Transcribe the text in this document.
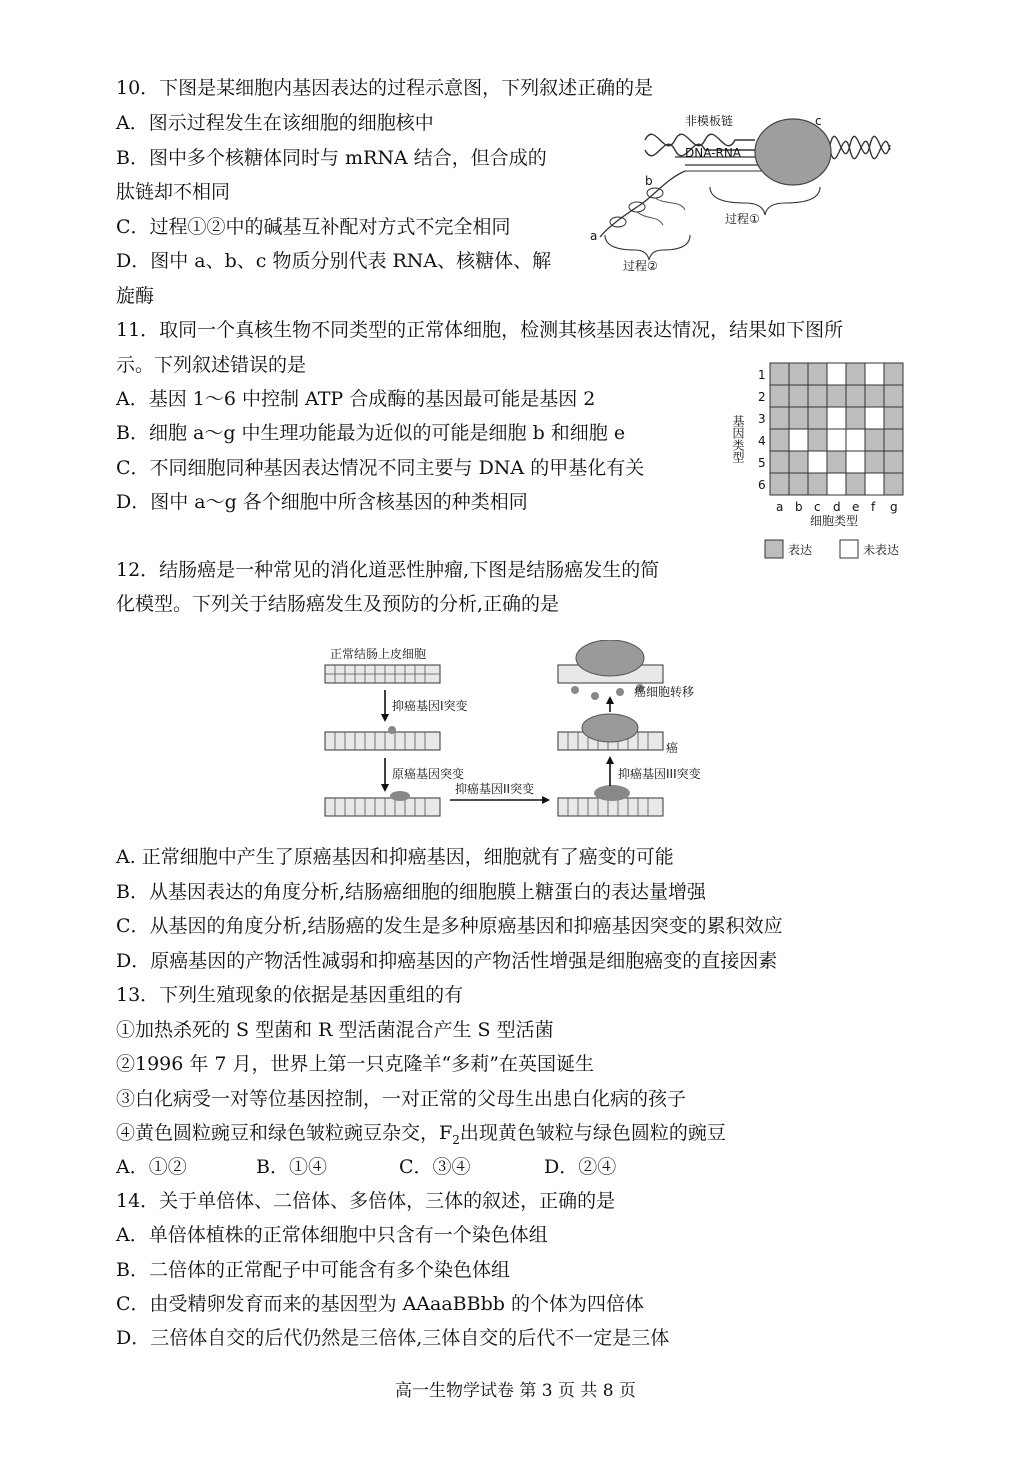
10．下图是某细胞内基因表达的过程示意图，下列叙述正确的是
A．图示过程发生在该细胞的细胞核中
B．图中多个核糖体同时与 mRNA 结合，但合成的
肽链却不相同
C．过程①②中的碱基互补配对方式不完全相同
D．图中 a、b、c 物质分别代表 RNA、核糖体、解
旋酶
非模板链
DNA-RNA
c
b
a
过程①
过程②
11．取同一个真核生物不同类型的正常体细胞，检测其核基因表达情况，结果如下图所
示。下列叙述错误的是
A．基因 1～6 中控制 ATP 合成酶的基因最可能是基因 2
B．细胞 a～g 中生理功能最为近似的可能是细胞 b 和细胞 e
C．不同细胞同种基因表达情况不同主要与 DNA 的甲基化有关
D．图中 a～g 各个细胞中所含核基因的种类相同
基因类型
1
2
3
4
5
6
a b c d e f g
细胞类型
表达	未表达
12．结肠癌是一种常见的消化道恶性肿瘤,下图是结肠癌发生的简
化模型。下列关于结肠癌发生及预防的分析,正确的是
正常结肠上皮细胞
抑癌基因I突变
原癌基因突变
抑癌基因II突变
抑癌基因III突变
癌
癌细胞转移
A. 正常细胞中产生了原癌基因和抑癌基因，细胞就有了癌变的可能
B．从基因表达的角度分析,结肠癌细胞的细胞膜上糖蛋白的表达量增强
C．从基因的角度分析,结肠癌的发生是多种原癌基因和抑癌基因突变的累积效应
D．原癌基因的产物活性减弱和抑癌基因的产物活性增强是细胞癌变的直接因素
13．下列生殖现象的依据是基因重组的有
①加热杀死的 S 型菌和 R 型活菌混合产生 S 型活菌
②1996 年 7 月，世界上第一只克隆羊“多莉”在英国诞生
③白化病受一对等位基因控制，一对正常的父母生出患白化病的孩子
④黄色圆粒豌豆和绿色皱粒豌豆杂交，$F_2$出现黄色皱粒与绿色圆粒的豌豆
A．①②	B．①④	C．③④	D．②④
14．关于单倍体、二倍体、多倍体，三体的叙述，正确的是
A．单倍体植株的正常体细胞中只含有一个染色体组
B．二倍体的正常配子中可能含有多个染色体组
C．由受精卵发育而来的基因型为 AAaaBBbb 的个体为四倍体
D．三倍体自交的后代仍然是三倍体,三体自交的后代不一定是三体
高一生物学试卷 第 3 页 共 8 页
